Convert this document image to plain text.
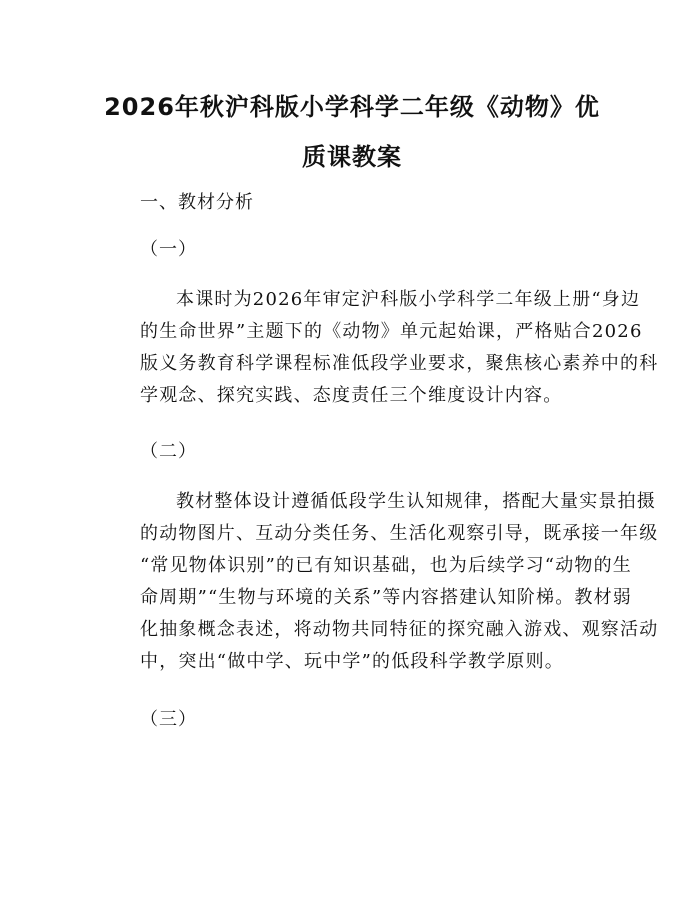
2026年秋沪科版小学科学二年级《动物》优
质课教案
一、教材分析
（一）
本课时为2026年审定沪科版小学科学二年级上册“身边
的生命世界”主题下的《动物》单元起始课，严格贴合2026
版义务教育科学课程标准低段学业要求，聚焦核心素养中的科
学观念、探究实践、态度责任三个维度设计内容。
（二）
教材整体设计遵循低段学生认知规律，搭配大量实景拍摄
的动物图片、互动分类任务、生活化观察引导，既承接一年级
“常见物体识别”的已有知识基础，也为后续学习“动物的生
命周期”“生物与环境的关系”等内容搭建认知阶梯。教材弱
化抽象概念表述，将动物共同特征的探究融入游戏、观察活动
中，突出“做中学、玩中学”的低段科学教学原则。
（三）
